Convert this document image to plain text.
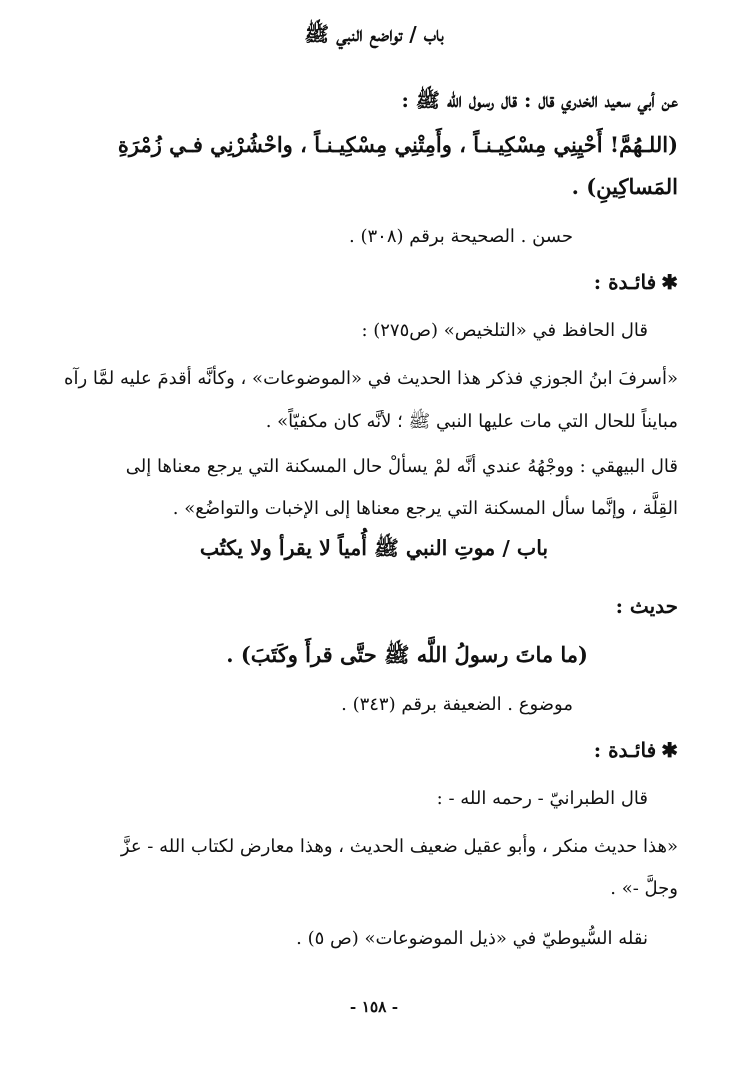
باب / تواضع النبي ﷺ
عن أبي سعيد الخدري قال : قال رسول الله ﷺ :
(اللـهُمَّ! أَحْيِنِي مِسْكِيـنـاً ، وأَمِتْنِي مِسْكِيـنـاً ، واحْشُرْنِي فـي زُمْرَةِ
المَساكِينِ) .
حسن . الصحيحة برقم (٣٠٨) .
✱ فائـدة :
قال الحافظ في «التلخيص» (ص٢٧٥) :
«أسرفَ ابنُ الجوزي فذكر هذا الحديث في «الموضوعات» ، وكأنَّه أقدمَ عليه لمَّا رآه
مبايناً للحال التي مات عليها النبي ﷺ ؛ لأنَّه كان مكفيّاً» .
قال البيهقي : ووجْهُهُ عندي أنَّه لمْ يسألْ حال المسكنة التي يرجع معناها إلى
القِلَّة ، وإنَّما سأل المسكنة التي يرجع معناها إلى الإخبات والتواضُع» .
باب / موتِ النبي ﷺ أُمياً لا يقرأ ولا يكتُب
حديث :
(ما ماتَ رسولُ اللَّه ﷺ حتَّى قرأَ وكَتَبَ) .
موضوع . الضعيفة برقم (٣٤٣) .
✱ فائـدة :
قال الطبرانيّ - رحمه الله - :
«هذا حديث منكر ، وأبو عقيل ضعيف الحديث ، وهذا معارض لكتاب الله - عزَّ
وجلَّ -» .
نقله السُّيوطيّ في «ذيل الموضوعات» (ص ٥) .
- ١٥٨ -
